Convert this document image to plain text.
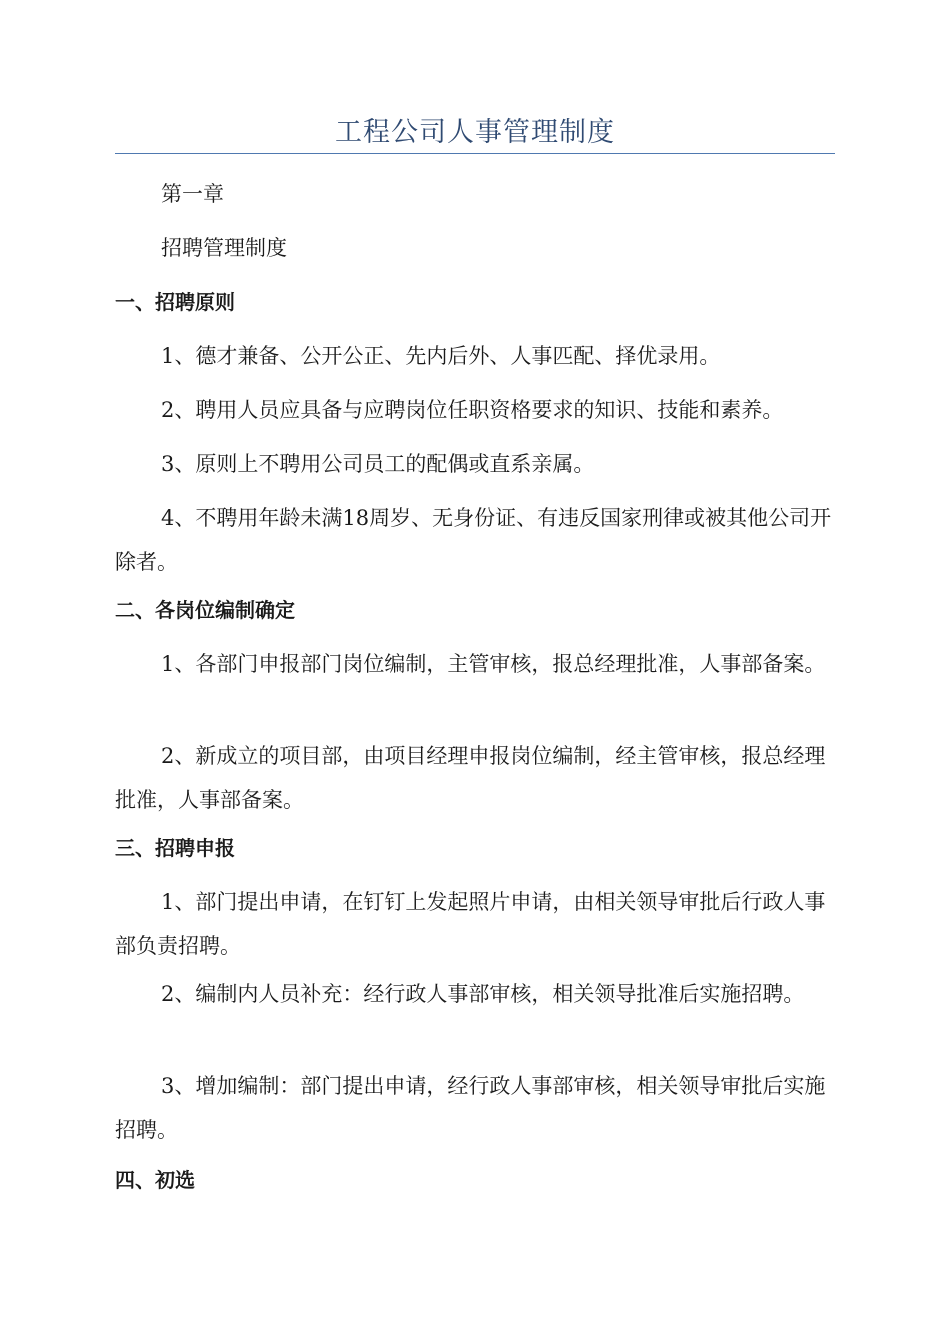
工程公司人事管理制度
第一章
招聘管理制度
一、招聘原则

1、德才兼备、公开公正、先内后外、人事匹配、择优录用。

2、聘用人员应具备与应聘岗位任职资格要求的知识、技能和素养。

3、原则上不聘用公司员工的配偶或直系亲属。

4、不聘用年龄未满18周岁、无身份证、有违反国家刑律或被其他公司开除者。

二、各岗位编制确定

1、各部门申报部门岗位编制，主管审核，报总经理批准，人事部备案。

2、新成立的项目部，由项目经理申报岗位编制，经主管审核，报总经理批准，人事部备案。

三、招聘申报

1、部门提出申请，在钉钉上发起照片申请，由相关领导审批后行政人事部负责招聘。

2、编制内人员补充：经行政人事部审核，相关领导批准后实施招聘。

3、增加编制：部门提出申请，经行政人事部审核，相关领导审批后实施招聘。

四、初选
